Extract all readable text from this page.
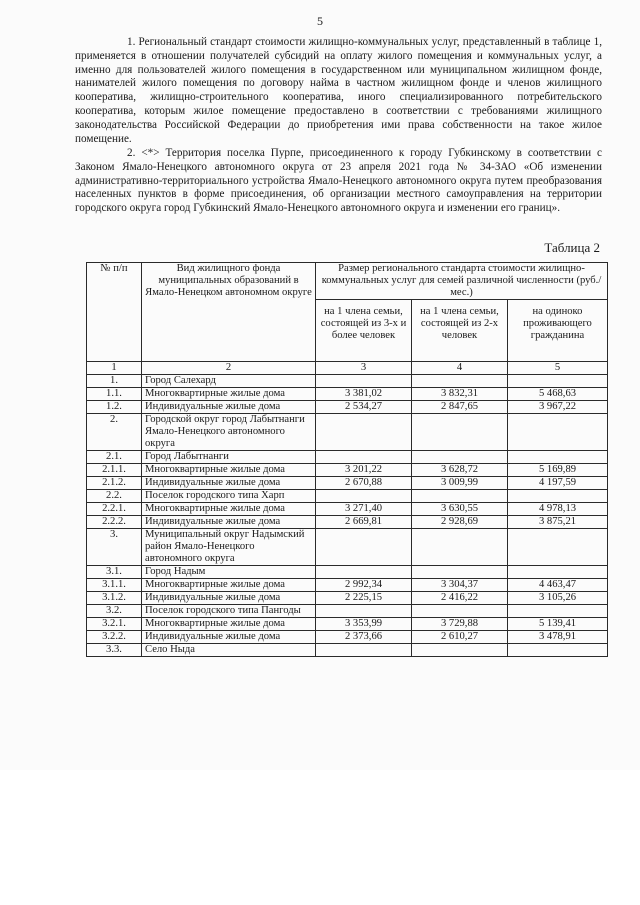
5

1. Региональный стандарт стоимости жилищно-коммунальных услуг, представленный в таблице 1, применяется в отношении получателей субсидий на оплату жилого помещения и коммунальных услуг, а именно для пользователей жилого помещения в государственном или муниципальном жилищном фонде, нанимателей жилого помещения по договору найма в частном жилищном фонде и членов жилищного кооператива, жилищно-строительного кооператива, иного специализированного потребительского кооператива, которым жилое помещение предоставлено в соответствии с требованиями жилищного законодательства Российской Федерации до приобретения ими права собственности на такое жилое помещение.

2. <*> Территория поселка Пурпе, присоединенного к городу Губкинскому в соответствии с Законом Ямало-Ненецкого автономного округа от 23 апреля 2021 года № 34-ЗАО «Об изменении административно-территориального устройства Ямало-Ненецкого автономного округа путем преобразования населенных пунктов в форме присоединения, об организации местного самоуправления на территории городского округа город Губкинский Ямало-Ненецкого автономного округа и изменении его границ».

Таблица 2
№ п/п	Вид жилищного фонда муниципальных образований в Ямало-Ненецком автономном округе	Размер регионального стандарта стоимости жилищно-коммунальных услуг для семей различной численности (руб./мес.)		
		на 1 члена семьи, состоящей из 3-х и более человек	на 1 члена семьи, состоящей из 2-х человек	на одиноко проживающего гражданина
1	2	3	4	5
1.	Город Салехард			
1.1.	Многоквартирные жилые дома	3 381,02	3 832,31	5 468,63
1.2.	Индивидуальные жилые дома	2 534,27	2 847,65	3 967,22
2.	Городской округ город Лабытнанги Ямало-Ненецкого автономного округа			
2.1.	Город Лабытнанги			
2.1.1.	Многоквартирные жилые дома	3 201,22	3 628,72	5 169,89
2.1.2.	Индивидуальные жилые дома	2 670,88	3 009,99	4 197,59
2.2.	Поселок городского типа Харп			
2.2.1.	Многоквартирные жилые дома	3 271,40	3 630,55	4 978,13
2.2.2.	Индивидуальные жилые дома	2 669,81	2 928,69	3 875,21
3.	Муниципальный округ Надымский район Ямало-Ненецкого автономного округа			
3.1.	Город Надым			
3.1.1.	Многоквартирные жилые дома	2 992,34	3 304,37	4 463,47
3.1.2.	Индивидуальные жилые дома	2 225,15	2 416,22	3 105,26
3.2.	Поселок городского типа Пангоды			
3.2.1.	Многоквартирные жилые дома	3 353,99	3 729,88	5 139,41
3.2.2.	Индивидуальные жилые дома	2 373,66	2 610,27	3 478,91
3.3.	Село Ныда			
